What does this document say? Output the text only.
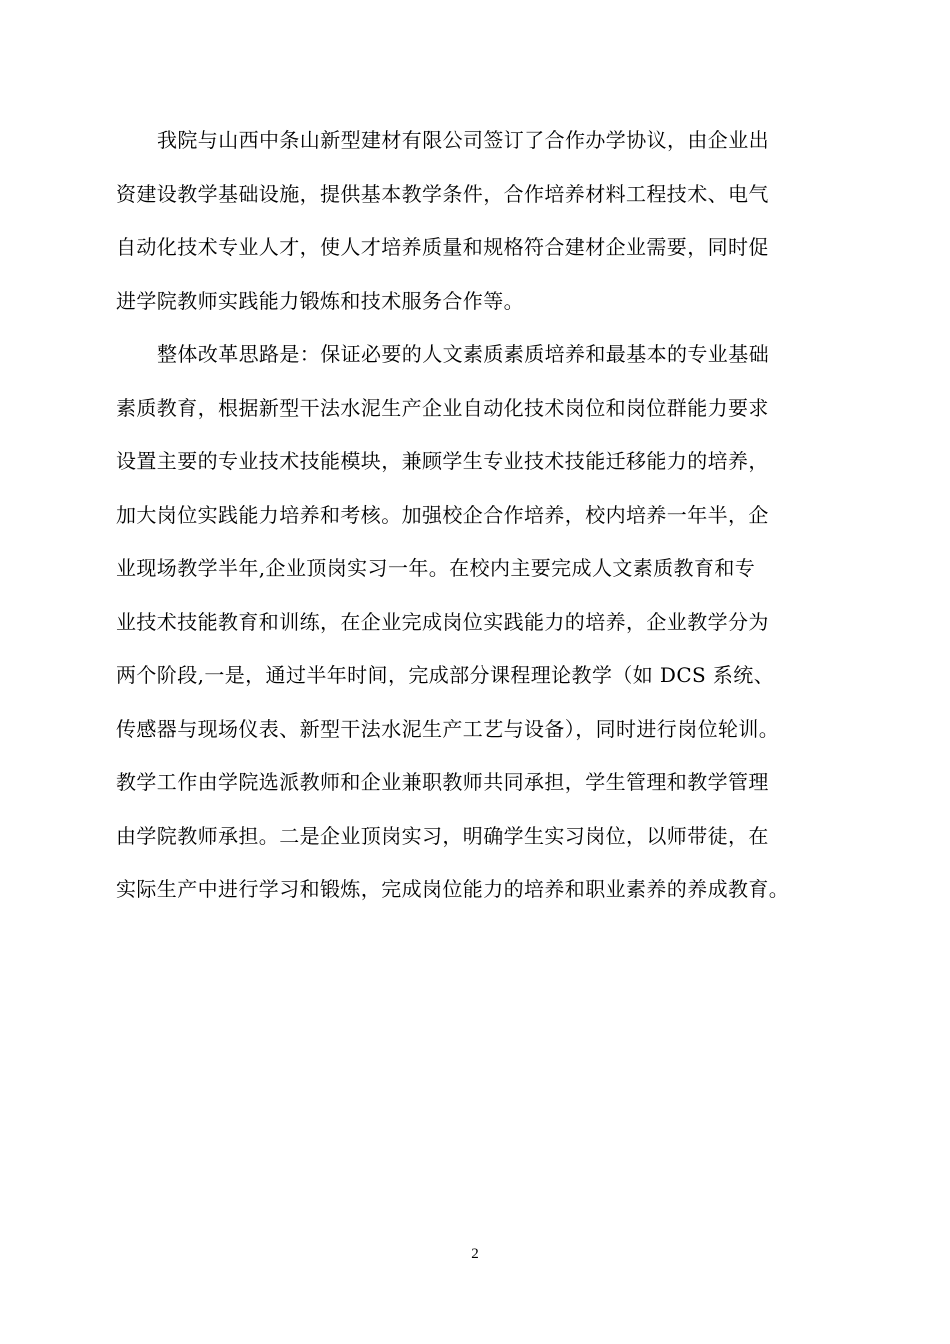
我院与山西中条山新型建材有限公司签订了合作办学协议，由企业出
资建设教学基础设施，提供基本教学条件，合作培养材料工程技术、电气
自动化技术专业人才，使人才培养质量和规格符合建材企业需要，同时促
进学院教师实践能力锻炼和技术服务合作等。
整体改革思路是：保证必要的人文素质素质培养和最基本的专业基础
素质教育，根据新型干法水泥生产企业自动化技术岗位和岗位群能力要求
设置主要的专业技术技能模块，兼顾学生专业技术技能迁移能力的培养，
加大岗位实践能力培养和考核。加强校企合作培养，校内培养一年半，企
业现场教学半年,企业顶岗实习一年。在校内主要完成人文素质教育和专
业技术技能教育和训练，在企业完成岗位实践能力的培养，企业教学分为
两个阶段,一是，通过半年时间，完成部分课程理论教学（如 DCS 系统、
传感器与现场仪表、新型干法水泥生产工艺与设备），同时进行岗位轮训。
教学工作由学院选派教师和企业兼职教师共同承担，学生管理和教学管理
由学院教师承担。二是企业顶岗实习，明确学生实习岗位，以师带徒，在
实际生产中进行学习和锻炼，完成岗位能力的培养和职业素养的养成教育。
2
